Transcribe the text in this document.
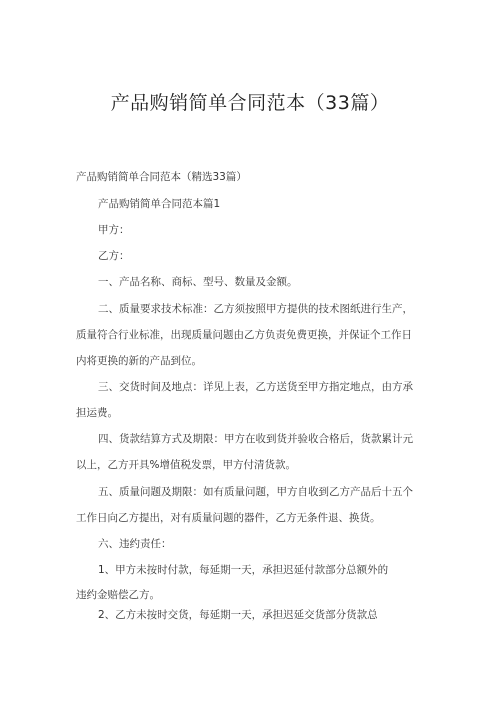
产品购销简单合同范本（33篇）
产品购销简单合同范本（精选33篇）
产品购销简单合同范本篇1
甲方：
乙方：
一、产品名称、商标、型号、数量及金额。
二、质量要求技术标准：乙方须按照甲方提供的技术图纸进行生产，
质量符合行业标准，出现质量问题由乙方负责免费更换，并保证个工作日
内将更换的新的产品到位。
三、交货时间及地点：详见上表，乙方送货至甲方指定地点，由方承
担运费。
四、货款结算方式及期限：甲方在收到货并验收合格后，货款累计元
以上，乙方开具%增值税发票，甲方付清货款。
五、质量问题及期限：如有质量问题，甲方自收到乙方产品后十五个
工作日向乙方提出，对有质量问题的器件，乙方无条件退、换货。
六、违约责任：
1、甲方未按时付款，每延期一天，承担迟延付款部分总额外的
违约金赔偿乙方。
2、乙方未按时交货，每延期一天，承担迟延交货部分货款总
